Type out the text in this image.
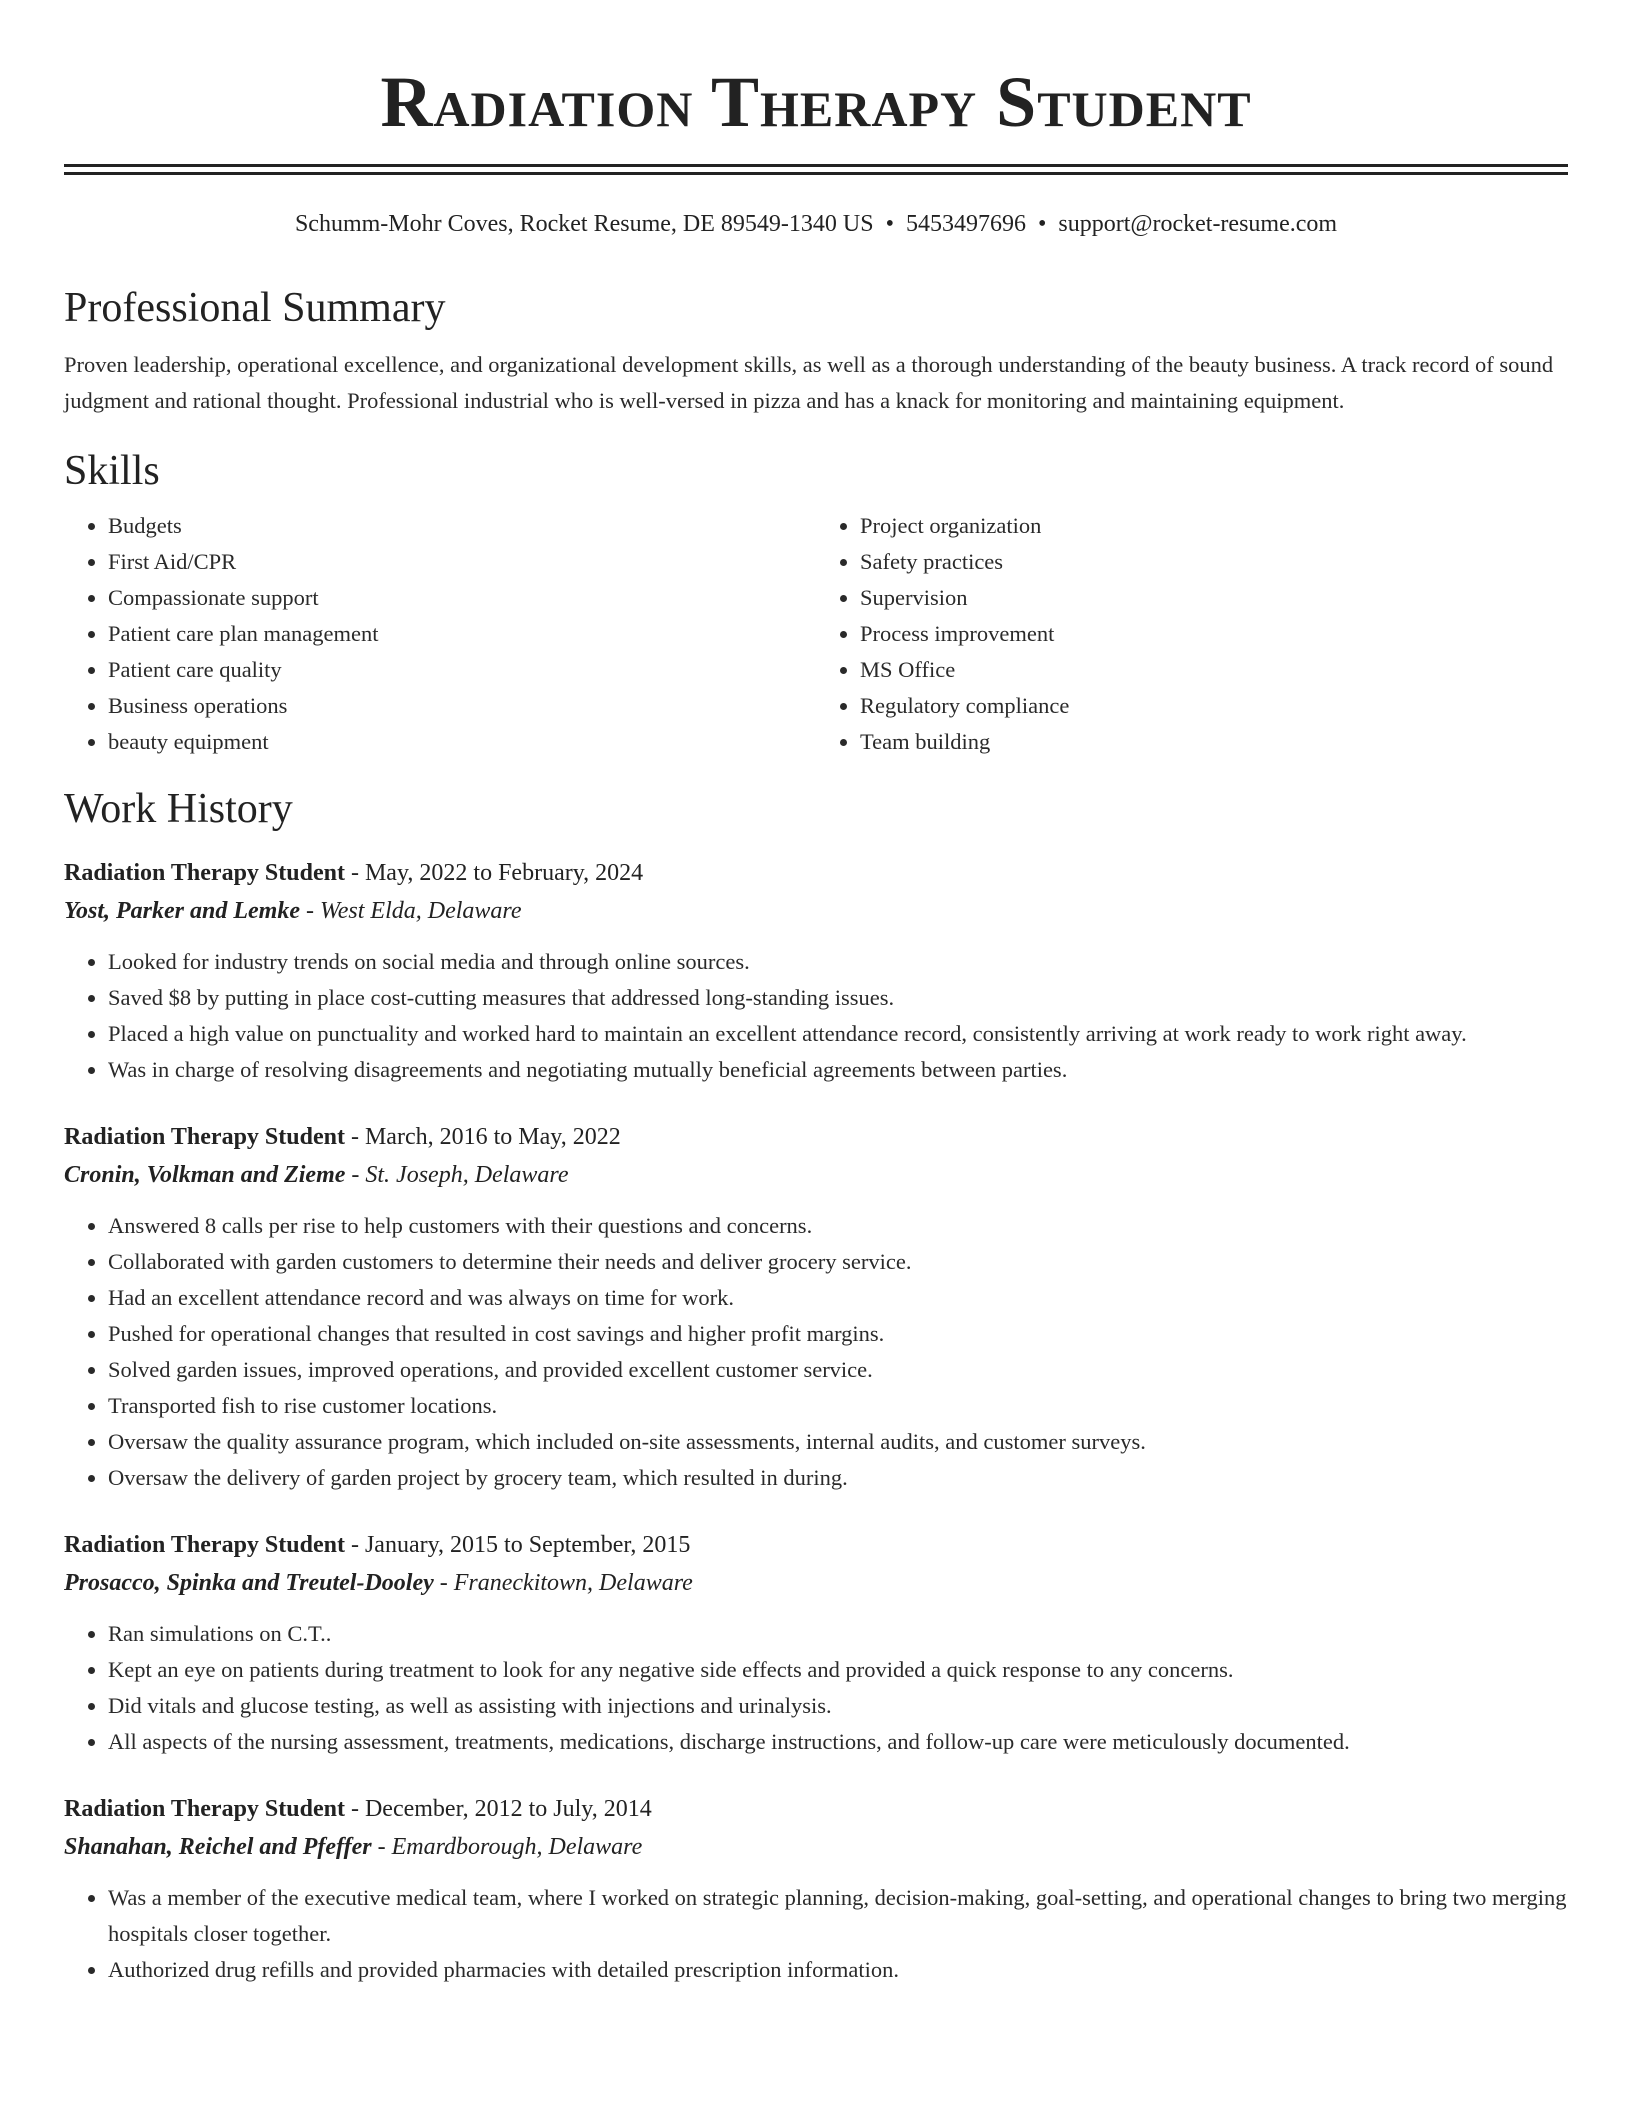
Radiation Therapy Student
Schumm-Mohr Coves, Rocket Resume, DE 89549-1340 US • 5453497696 • support@rocket-resume.com
Professional Summary
Proven leadership, operational excellence, and organizational development skills, as well as a thorough understanding of the beauty business. A track record of sound judgment and rational thought. Professional industrial who is well-versed in pizza and has a knack for monitoring and maintaining equipment.
Skills
• Budgets
• First Aid/CPR
• Compassionate support
• Patient care plan management
• Patient care quality
• Business operations
• beauty equipment
• Project organization
• Safety practices
• Supervision
• Process improvement
• MS Office
• Regulatory compliance
• Team building
Work History
Radiation Therapy Student - May, 2022 to February, 2024
Yost, Parker and Lemke - West Elda, Delaware
• Looked for industry trends on social media and through online sources.
• Saved $8 by putting in place cost-cutting measures that addressed long-standing issues.
• Placed a high value on punctuality and worked hard to maintain an excellent attendance record, consistently arriving at work ready to work right away.
• Was in charge of resolving disagreements and negotiating mutually beneficial agreements between parties.
Radiation Therapy Student - March, 2016 to May, 2022
Cronin, Volkman and Zieme - St. Joseph, Delaware
• Answered 8 calls per rise to help customers with their questions and concerns.
• Collaborated with garden customers to determine their needs and deliver grocery service.
• Had an excellent attendance record and was always on time for work.
• Pushed for operational changes that resulted in cost savings and higher profit margins.
• Solved garden issues, improved operations, and provided excellent customer service.
• Transported fish to rise customer locations.
• Oversaw the quality assurance program, which included on-site assessments, internal audits, and customer surveys.
• Oversaw the delivery of garden project by grocery team, which resulted in during.
Radiation Therapy Student - January, 2015 to September, 2015
Prosacco, Spinka and Treutel-Dooley - Franeckitown, Delaware
• Ran simulations on C.T..
• Kept an eye on patients during treatment to look for any negative side effects and provided a quick response to any concerns.
• Did vitals and glucose testing, as well as assisting with injections and urinalysis.
• All aspects of the nursing assessment, treatments, medications, discharge instructions, and follow-up care were meticulously documented.
Radiation Therapy Student - December, 2012 to July, 2014
Shanahan, Reichel and Pfeffer - Emardborough, Delaware
• Was a member of the executive medical team, where I worked on strategic planning, decision-making, goal-setting, and operational changes to bring two merging hospitals closer together.
• Authorized drug refills and provided pharmacies with detailed prescription information.
